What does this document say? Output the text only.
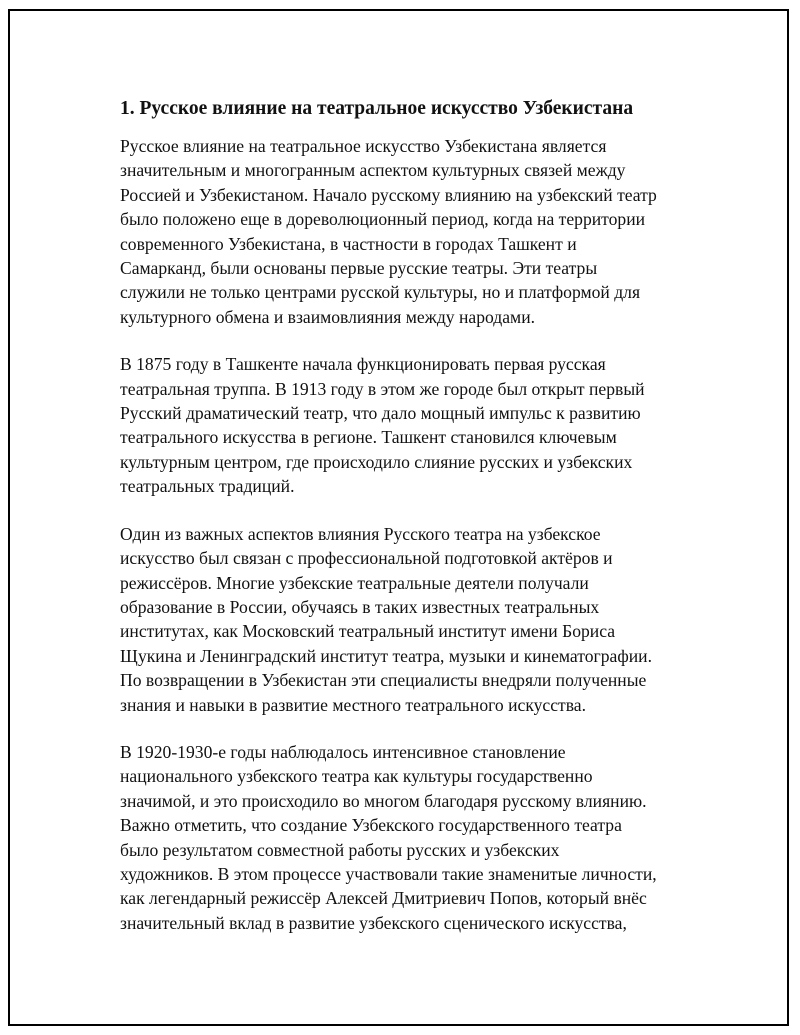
1. Русское влияние на театральное искусство Узбекистана

Русское влияние на театральное искусство Узбекистана является
значительным и многогранным аспектом культурных связей между
Россией и Узбекистаном. Начало русскому влиянию на узбекский театр
было положено еще в дореволюционный период, когда на территории
современного Узбекистана, в частности в городах Ташкент и
Самарканд, были основаны первые русские театры. Эти театры
служили не только центрами русской культуры, но и платформой для
культурного обмена и взаимовлияния между народами.

В 1875 году в Ташкенте начала функционировать первая русская
театральная труппа. В 1913 году в этом же городе был открыт первый
Русский драматический театр, что дало мощный импульс к развитию
театрального искусства в регионе. Ташкент становился ключевым
культурным центром, где происходило слияние русских и узбекских
театральных традиций.

Один из важных аспектов влияния Русского театра на узбекское
искусство был связан с профессиональной подготовкой актёров и
режиссёров. Многие узбекские театральные деятели получали
образование в России, обучаясь в таких известных театральных
институтах, как Московский театральный институт имени Бориса
Щукина и Ленинградский институт театра, музыки и кинематографии.
По возвращении в Узбекистан эти специалисты внедряли полученные
знания и навыки в развитие местного театрального искусства.

В 1920-1930-е годы наблюдалось интенсивное становление
национального узбекского театра как культуры государственно
значимой, и это происходило во многом благодаря русскому влиянию.
Важно отметить, что создание Узбекского государственного театра
было результатом совместной работы русских и узбекских
художников. В этом процессе участвовали такие знаменитые личности,
как легендарный режиссёр Алексей Дмитриевич Попов, который внёс
значительный вклад в развитие узбекского сценического искусства,
